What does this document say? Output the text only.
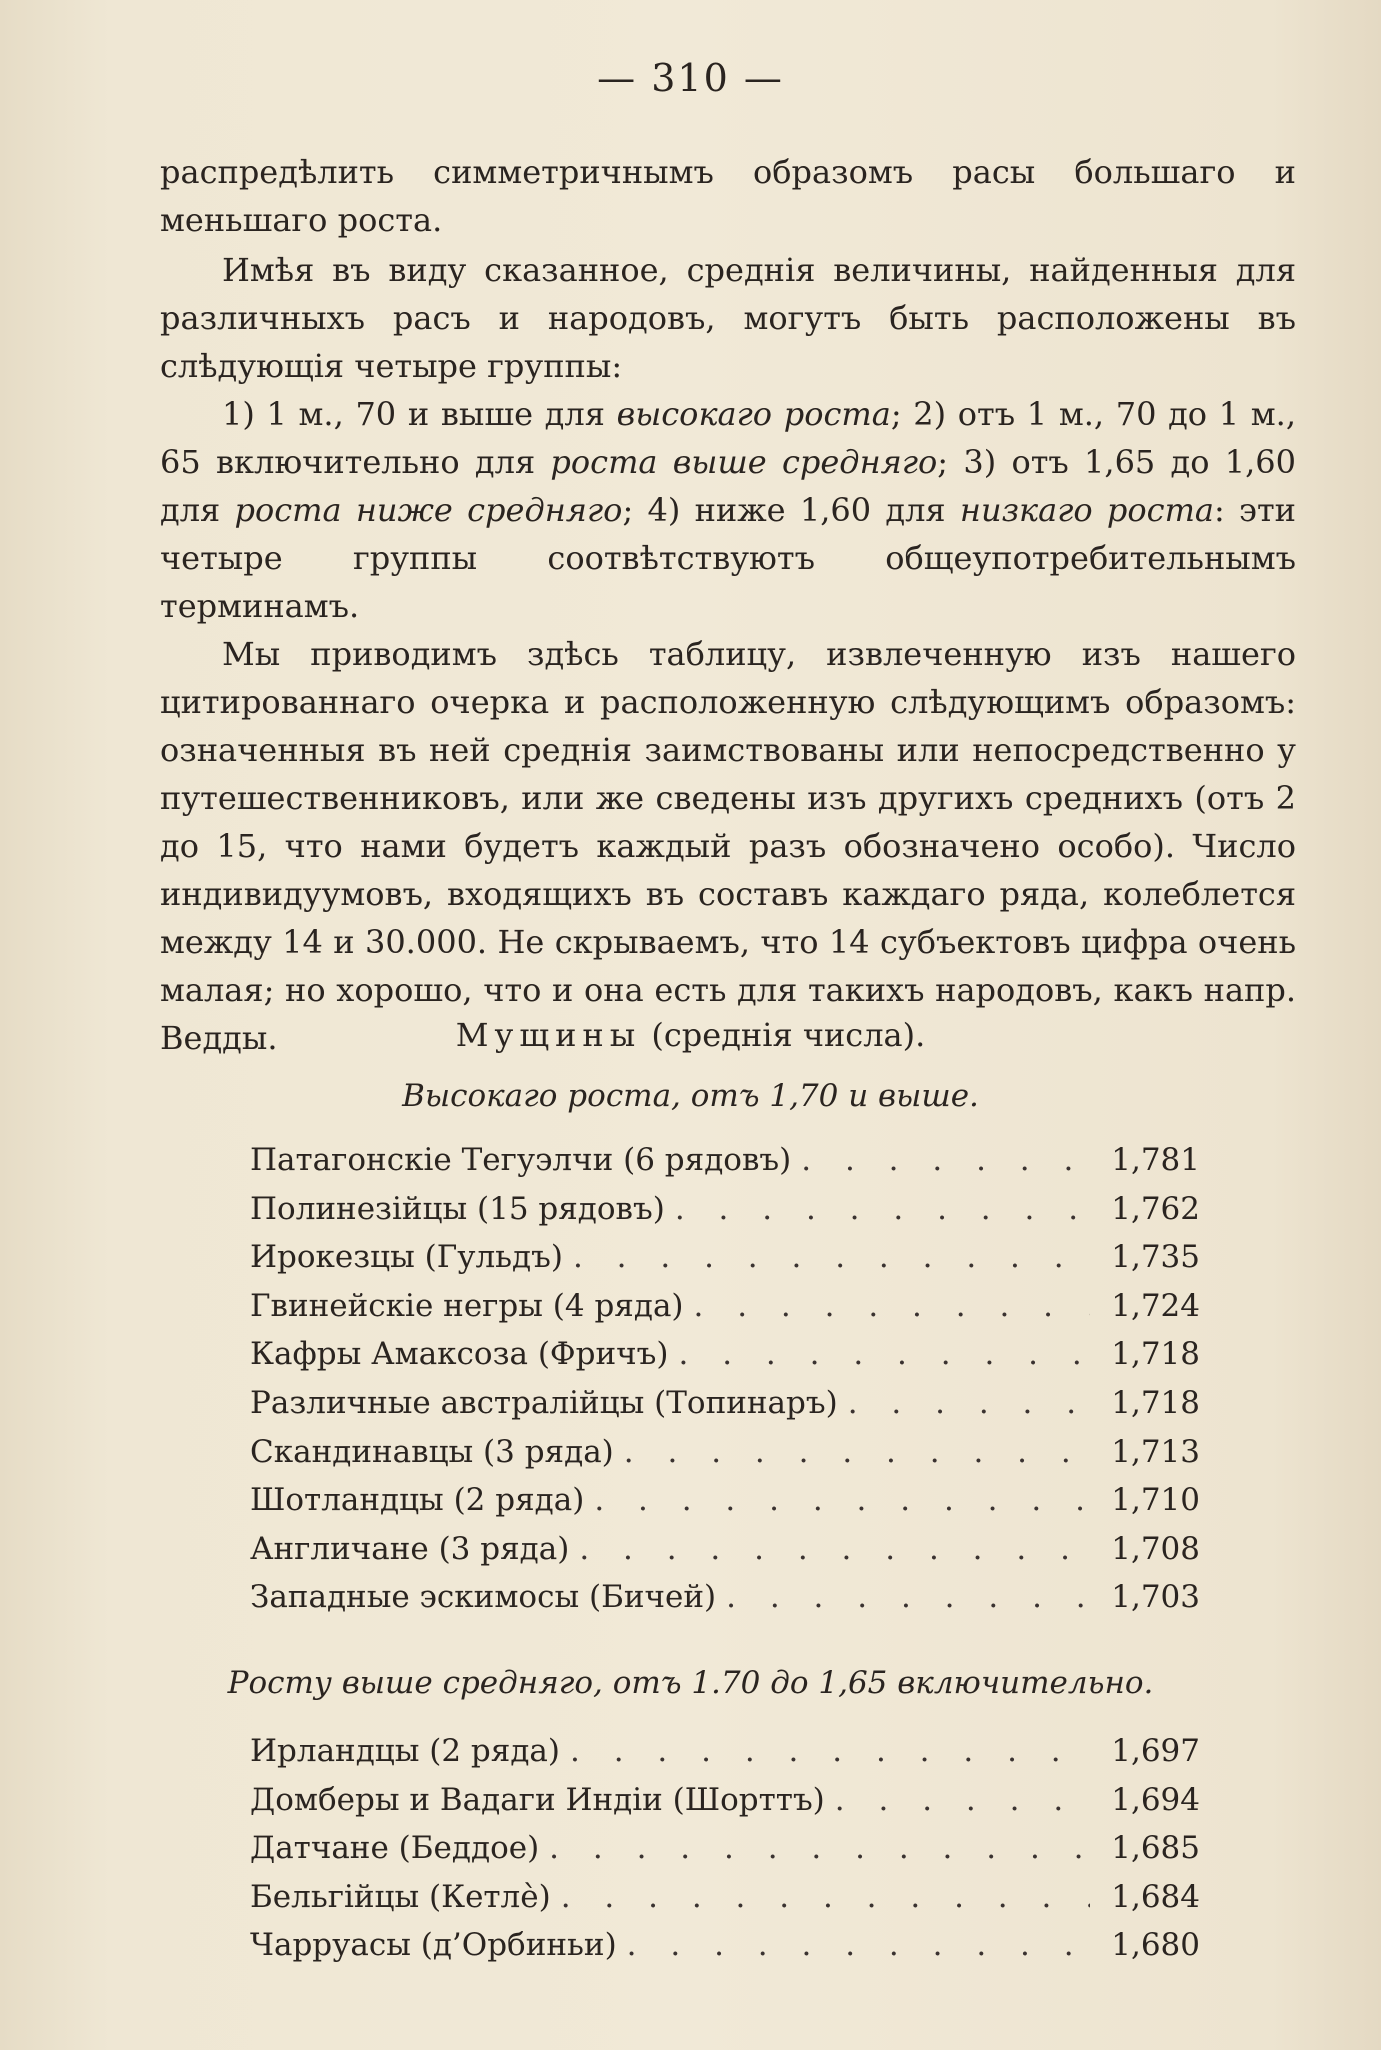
— 310 —

распредѣлить симметричнымъ образомъ расы большаго и меньшаго роста.

Имѣя въ виду сказанное, среднія величины, найденныя для различныхъ расъ и народовъ, могутъ быть расположены въ слѣдующія четыре группы:

1) 1 м., 70 и выше для высокаго роста; 2) отъ 1 м., 70 до 1 м., 65 включительно для роста выше средняго; 3) отъ 1,65 до 1,60 для роста ниже средняго; 4) ниже 1,60 для низкаго роста: эти четыре группы соотвѣтствуютъ общеупотребительнымъ терминамъ.

Мы приводимъ здѣсь таблицу, извлеченную изъ нашего цитированнаго очерка и расположенную слѣдующимъ образомъ: означенныя въ ней среднія заимствованы или непосредственно у путешественниковъ, или же сведены изъ другихъ среднихъ (отъ 2 до 15, что нами будетъ каждый разъ обозначено особо). Число индивидуумовъ, входящихъ въ составъ каждаго ряда, колеблется между 14 и 30.000. Не скрываемъ, что 14 субъектовъ цифра очень малая; но хорошо, что и она есть для такихъ народовъ, какъ напр. Ведды.	Мущины (среднія числа).
Высокаго роста, отъ 1,70 и выше.
Патагонскіе Тегуэлчи (6 рядовъ) . . .	1,781
Полинезійцы (15 рядовъ) . . .	1,762
Ирокезцы (Гульдъ) . . .	1,735
Гвинейскіе негры (4 ряда) . . .	1,724
Кафры Амаксоза (Фричъ) . . .	1,718
Различные австралійцы (Топинаръ) . . .	1,718
Скандинавцы (3 ряда) . . .	1,713
Шотландцы (2 ряда) . . .	1,710
Англичане (3 ряда) . . .	1,708
Западные эскимосы (Бичей) . . .	1,703
Росту выше средняго, отъ 1.70 до 1,65 включительно.
Ирландцы (2 ряда) . . .	1,697
Домберы и Вадаги Индіи (Шорттъ) . . .	1,694
Датчане (Беддое) . . .	1,685
Бельгійцы (Кетлѐ) . . .	1,684
Чарруасы (д’Орбиньи) . . .	1,680
